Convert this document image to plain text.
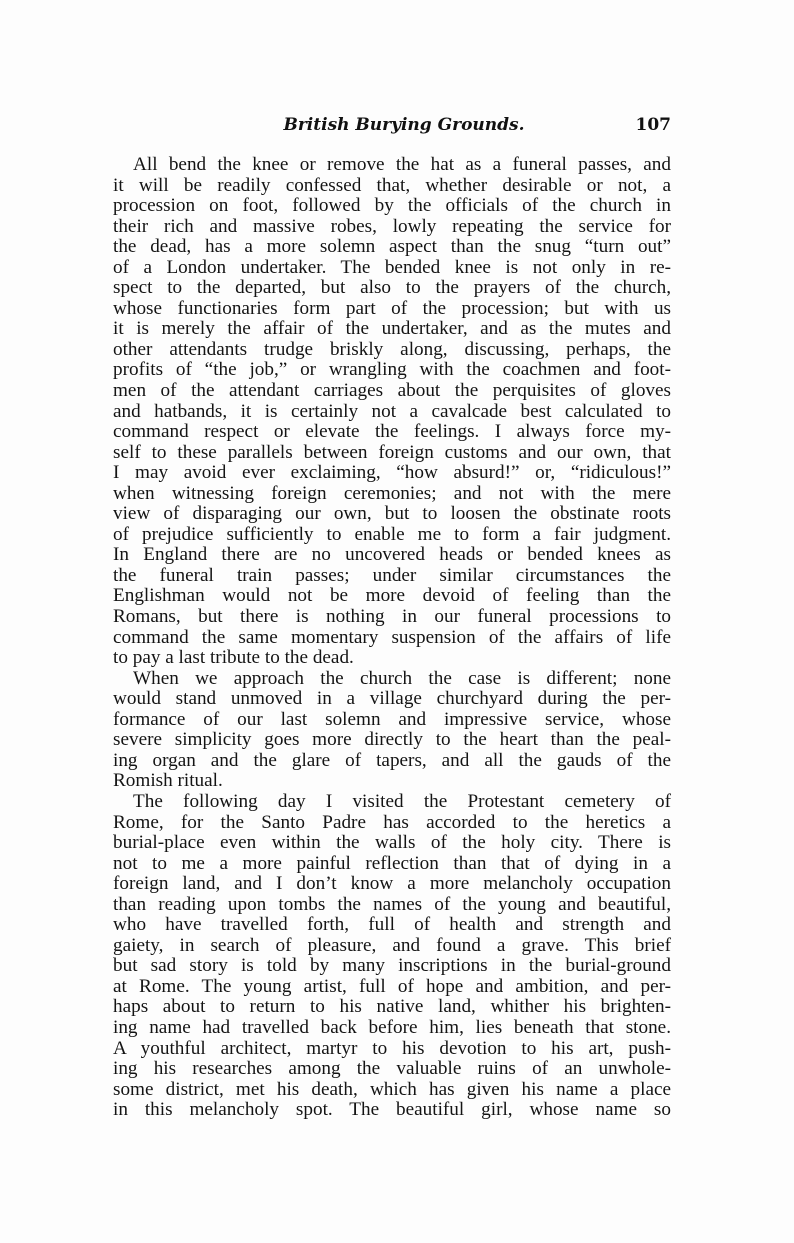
British Burying Grounds.	107
All bend the knee or remove the hat as a funeral passes, and
it will be readily confessed that, whether desirable or not, a
procession on foot, followed by the officials of the church in
their rich and massive robes, lowly repeating the service for
the dead, has a more solemn aspect than the snug “turn out”
of a London undertaker. The bended knee is not only in re-
spect to the departed, but also to the prayers of the church,
whose functionaries form part of the procession; but with us
it is merely the affair of the undertaker, and as the mutes and
other attendants trudge briskly along, discussing, perhaps, the
profits of “the job,” or wrangling with the coachmen and foot-
men of the attendant carriages about the perquisites of gloves
and hatbands, it is certainly not a cavalcade best calculated to
command respect or elevate the feelings. I always force my-
self to these parallels between foreign customs and our own, that
I may avoid ever exclaiming, “how absurd!” or, “ridiculous!”
when witnessing foreign ceremonies; and not with the mere
view of disparaging our own, but to loosen the obstinate roots
of prejudice sufficiently to enable me to form a fair judgment.
In England there are no uncovered heads or bended knees as
the funeral train passes; under similar circumstances the
Englishman would not be more devoid of feeling than the
Romans, but there is nothing in our funeral processions to
command the same momentary suspension of the affairs of life
to pay a last tribute to the dead.
When we approach the church the case is different; none
would stand unmoved in a village churchyard during the per-
formance of our last solemn and impressive service, whose
severe simplicity goes more directly to the heart than the peal-
ing organ and the glare of tapers, and all the gauds of the
Romish ritual.
The following day I visited the Protestant cemetery of
Rome, for the Santo Padre has accorded to the heretics a
burial-place even within the walls of the holy city. There is
not to me a more painful reflection than that of dying in a
foreign land, and I don’t know a more melancholy occupation
than reading upon tombs the names of the young and beautiful,
who have travelled forth, full of health and strength and
gaiety, in search of pleasure, and found a grave. This brief
but sad story is told by many inscriptions in the burial-ground
at Rome. The young artist, full of hope and ambition, and per-
haps about to return to his native land, whither his brighten-
ing name had travelled back before him, lies beneath that stone.
A youthful architect, martyr to his devotion to his art, push-
ing his researches among the valuable ruins of an unwhole-
some district, met his death, which has given his name a place
in this melancholy spot. The beautiful girl, whose name so
